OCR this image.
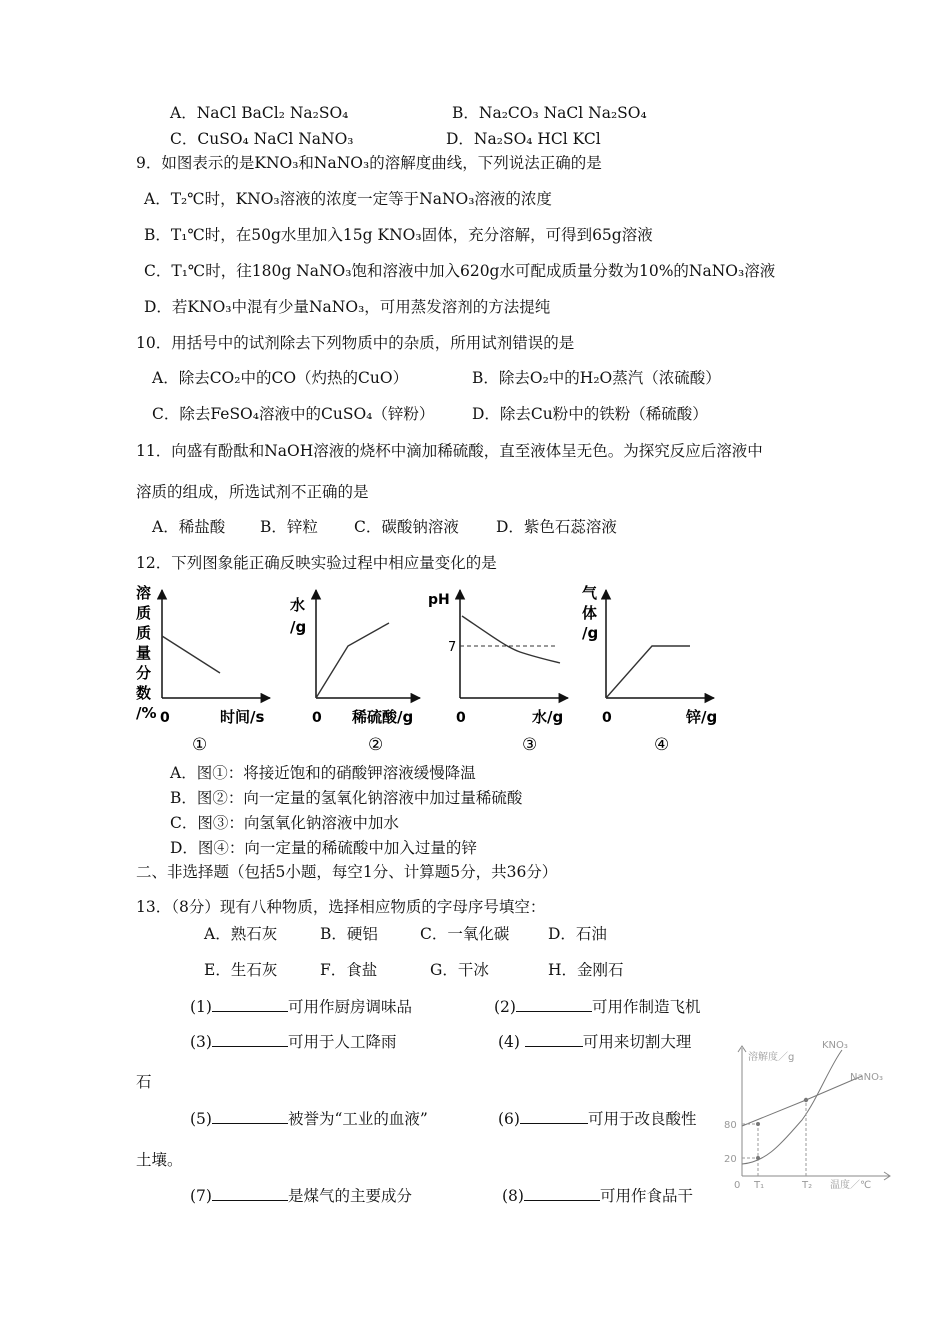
A．NaCl BaCl₂ Na₂SO₄	B．Na₂CO₃ NaCl Na₂SO₄
C．CuSO₄ NaCl NaNO₃	D．Na₂SO₄ HCl KCl
9．如图表示的是KNO₃和NaNO₃的溶解度曲线，下列说法正确的是
A．T₂℃时，KNO₃溶液的浓度一定等于NaNO₃溶液的浓度
B．T₁℃时，在50g水里加入15g KNO₃固体，充分溶解，可得到65g溶液
C．T₁℃时，往180g NaNO₃饱和溶液中加入620g水可配成质量分数为10%的NaNO₃溶液
D．若KNO₃中混有少量NaNO₃，可用蒸发溶剂的方法提纯
10．用括号中的试剂除去下列物质中的杂质，所用试剂错误的是
A．除去CO₂中的CO（灼热的CuO）	B．除去O₂中的H₂O蒸汽（浓硫酸）
C．除去FeSO₄溶液中的CuSO₄（锌粉） D．除去Cu粉中的铁粉（稀硫酸）
11．向盛有酚酞和NaOH溶液的烧杯中滴加稀硫酸，直至液体呈无色。为探究反应后溶液中
溶质的组成，所选试剂不正确的是
A．稀盐酸 B．锌粒 C．碳酸钠溶液 D．紫色石蕊溶液
12．下列图象能正确反映实验过程中相应量变化的是
溶
质
质
量
分
数
/% 0	时间/s
①
水
/g
0 稀硫酸/g
②
pH
7
0	水/g
③
气
体
/g
0	锌/g
④
A．图①：将接近饱和的硝酸钾溶液缓慢降温
B．图②：向一定量的氢氧化钠溶液中加过量稀硫酸
C．图③：向氢氧化钠溶液中加水
D．图④：向一定量的稀硫酸中加入过量的锌
二、非选择题（包括5小题，每空1分、计算题5分，共36分）
13．（8分）现有八种物质，选择相应物质的字母序号填空：
A．熟石灰	B．硬铝	C．一氧化碳 D．石油
E．生石灰	F．食盐	G．干冰	H．金刚石
(1)	可用作厨房调味品	(2)	可用作制造飞机
(3)	可用于人工降雨	(4)	可用来切割大理
石
(5)	被誉为“工业的血液”	(6)	可用于改良酸性
土壤。
(7)	是煤气的主要成分	(8)	可用作食品干
溶解度／g
KNO₃
NaNO₃
80
20
0 T₁	T₂ 温度／℃
